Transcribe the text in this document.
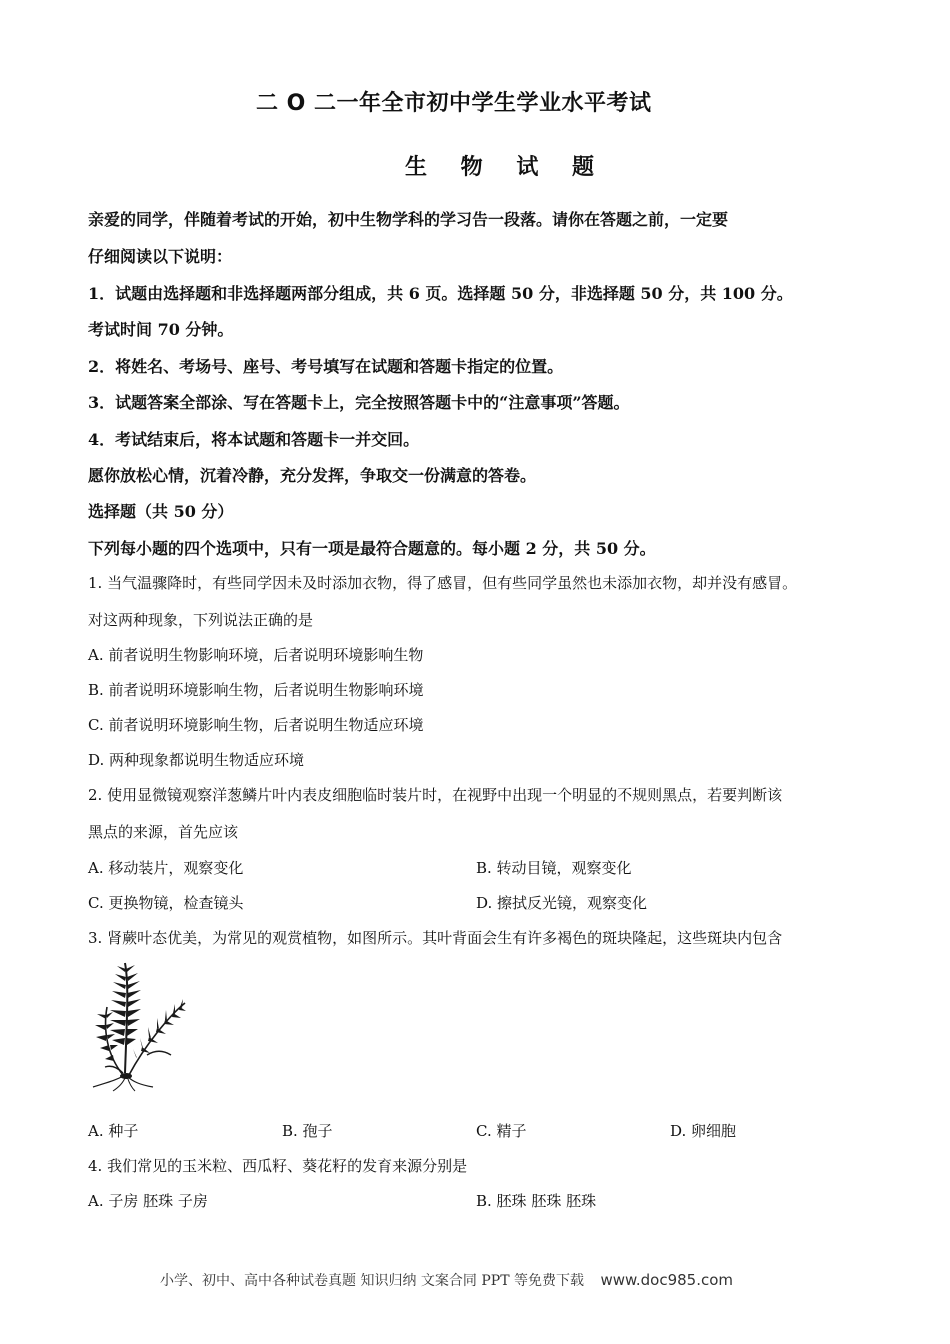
二 O 二一年全市初中学生学业水平考试
生 物 试 题
亲爱的同学，伴随着考试的开始，初中生物学科的学习告一段落。请你在答题之前，一定要
仔细阅读以下说明：
1．试题由选择题和非选择题两部分组成，共 6 页。选择题 50 分，非选择题 50 分，共 100 分。
考试时间 70 分钟。
2．将姓名、考场号、座号、考号填写在试题和答题卡指定的位置。
3．试题答案全部涂、写在答题卡上，完全按照答题卡中的“注意事项”答题。
4．考试结束后，将本试题和答题卡一并交回。
愿你放松心情，沉着冷静，充分发挥，争取交一份满意的答卷。
选择题（共 50 分）
下列每小题的四个选项中，只有一项是最符合题意的。每小题 2 分，共 50 分。
1. 当气温骤降时，有些同学因未及时添加衣物，得了感冒，但有些同学虽然也未添加衣物，却并没有感冒。
对这两种现象，下列说法正确的是
A. 前者说明生物影响环境，后者说明环境影响生物
B. 前者说明环境影响生物，后者说明生物影响环境
C. 前者说明环境影响生物，后者说明生物适应环境
D. 两种现象都说明生物适应环境
2. 使用显微镜观察洋葱鳞片叶内表皮细胞临时装片时，在视野中出现一个明显的不规则黑点，若要判断该
黑点的来源，首先应该
A. 移动装片，观察变化	B. 转动目镜，观察变化
C. 更换物镜，检查镜头	D. 擦拭反光镜，观察变化
3. 肾蕨叶态优美，为常见的观赏植物，如图所示。其叶背面会生有许多褐色的斑块隆起，这些斑块内包含
A. 种子	B. 孢子	C. 精子	D. 卵细胞
4. 我们常见的玉米粒、西瓜籽、葵花籽的发育来源分别是
A. 子房 胚珠 子房	B. 胚珠 胚珠 胚珠
小学、初中、高中各种试卷真题 知识归纳 文案合同 PPT 等免费下载 www.doc985.com
